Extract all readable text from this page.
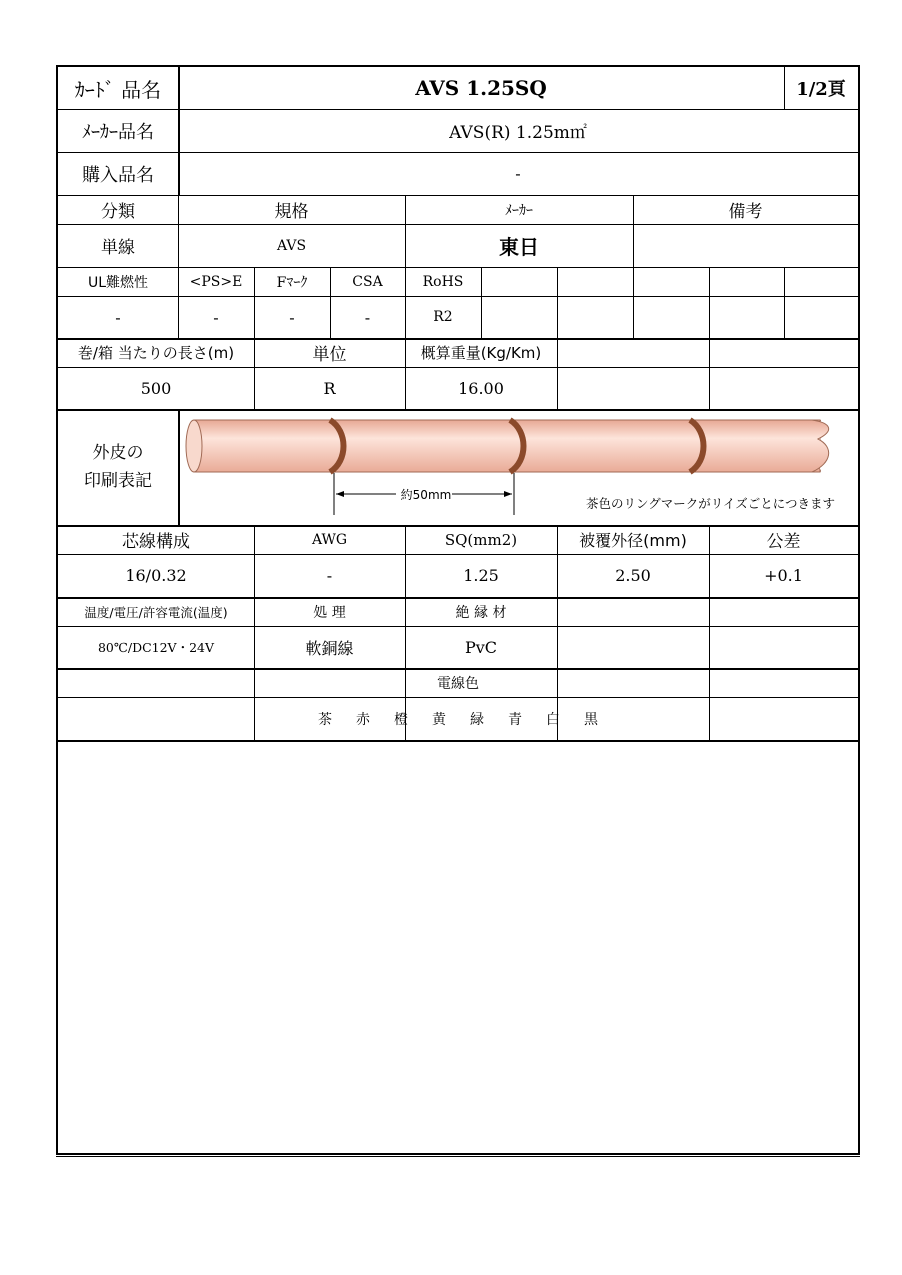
ｶｰﾄﾞ 品名	AVS 1.25SQ	1/2頁
ﾒｰｶｰ品名	AVS(R) 1.25m㎡
購入品名	-
分類	規格	ﾒｰｶｰ	備考
単線	AVS	東日
UL難燃性	<PS>E	Fﾏｰｸ	CSA	RoHS
-	-	-	-	R2
巻/箱 当たりの長さ(m)	単位	概算重量(Kg/Km)
500	R	16.00
外皮の
印刷表記
約50mm
茶色のリングマークがリイズごとにつきます
芯線構成	AWG	SQ(mm2)	被覆外径(mm)	公差
16/0.32	-	1.25	2.50	+0.1
温度/電圧/許容電流(温度)	処 理	絶 縁 材
80℃/DC12V・24V	軟銅線	PvC
電線色
茶 赤 橙 黄 緑 青 白 黒
